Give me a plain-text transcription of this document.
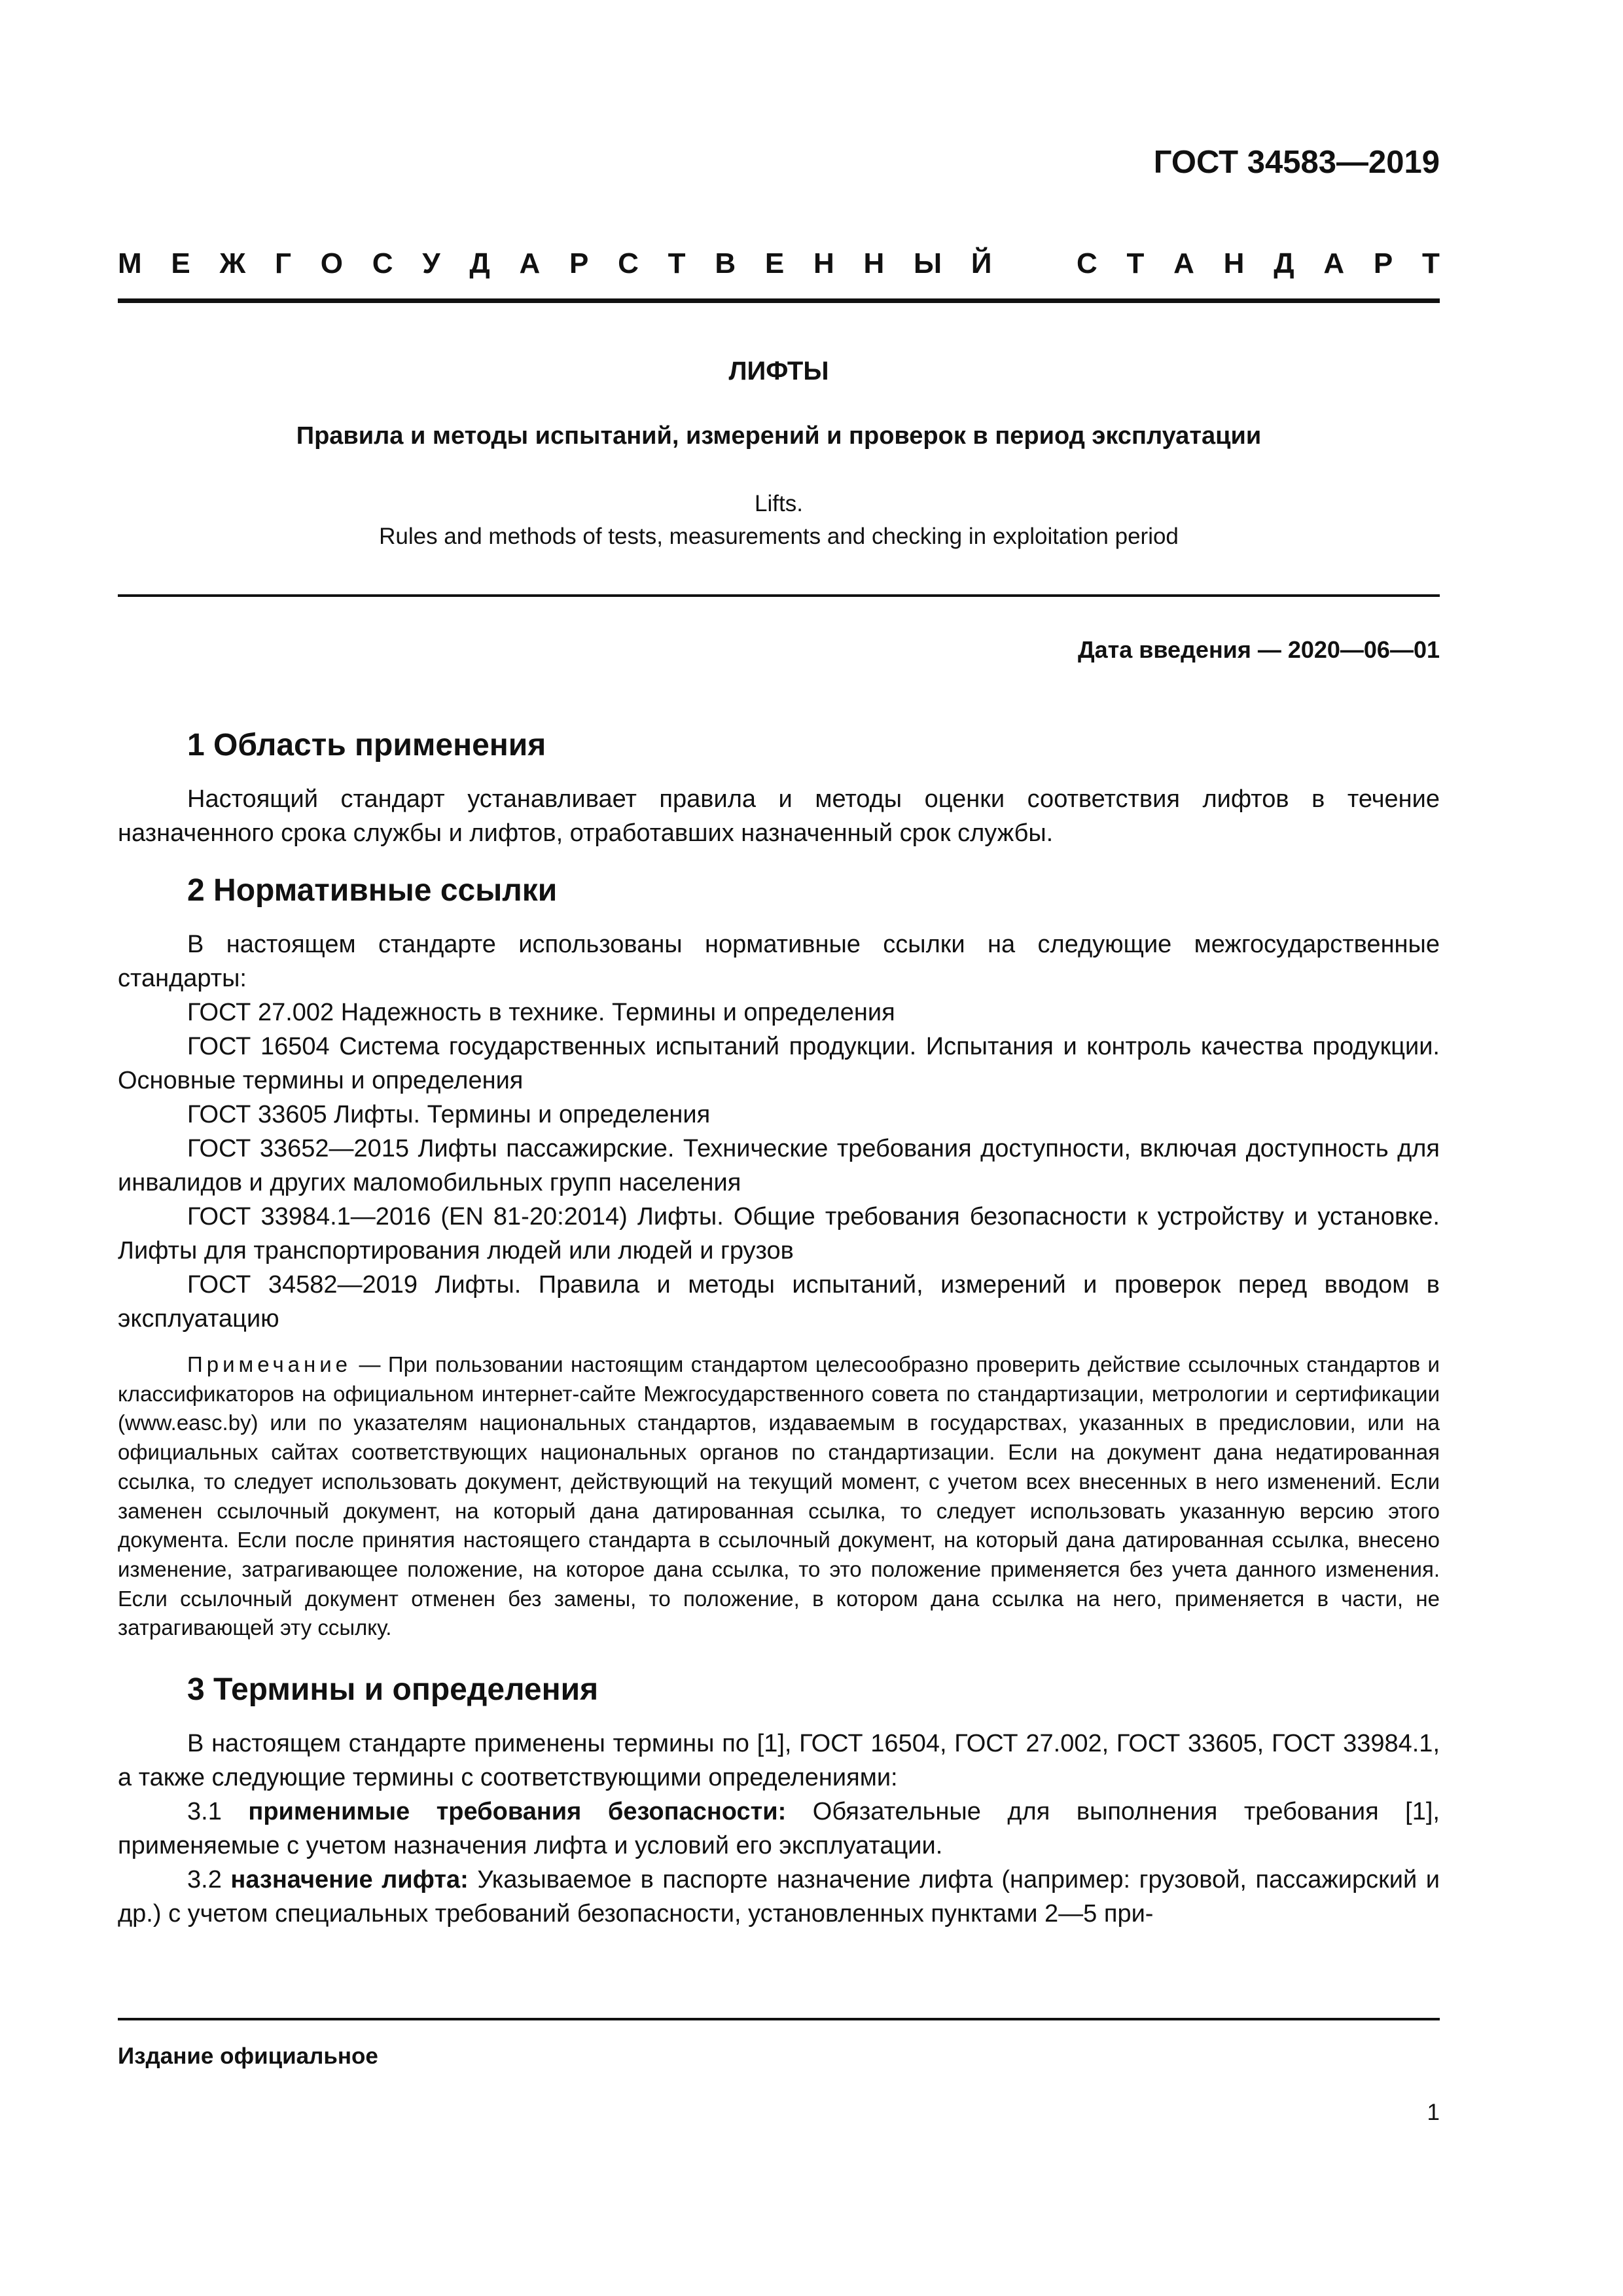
ГОСТ 34583—2019
М Е Ж Г О С У Д А Р С Т В Е Н Н Ы Й	С Т А Н Д А Р Т
ЛИФТЫ
Правила и методы испытаний, измерений и проверок в период эксплуатации
Lifts.
Rules and methods of tests, measurements and checking in exploitation period
Дата введения — 2020—06—01
1 Область применения

Настоящий стандарт устанавливает правила и методы оценки соответствия лифтов в течение назначенного срока службы и лифтов, отработавших назначенный срок службы.

2 Нормативные ссылки

В настоящем стандарте использованы нормативные ссылки на следующие межгосударственные стандарты:

ГОСТ 27.002 Надежность в технике. Термины и определения

ГОСТ 16504 Система государственных испытаний продукции. Испытания и контроль качества продукции. Основные термины и определения

ГОСТ 33605 Лифты. Термины и определения

ГОСТ 33652—2015 Лифты пассажирские. Технические требования доступности, включая доступность для инвалидов и других маломобильных групп населения

ГОСТ 33984.1—2016 (EN 81-20:2014) Лифты. Общие требования безопасности к устройству и установке. Лифты для транспортирования людей или людей и грузов

ГОСТ 34582—2019 Лифты. Правила и методы испытаний, измерений и проверок перед вводом в эксплуатацию

Примечание — При пользовании настоящим стандартом целесообразно проверить действие ссылочных стандартов и классификаторов на официальном интернет-сайте Межгосударственного совета по стандартизации, метрологии и сертификации (www.easc.by) или по указателям национальных стандартов, издаваемым в государствах, указанных в предисловии, или на официальных сайтах соответствующих национальных органов по стандартизации. Если на документ дана недатированная ссылка, то следует использовать документ, действующий на текущий момент, с учетом всех внесенных в него изменений. Если заменен ссылочный документ, на который дана датированная ссылка, то следует использовать указанную версию этого документа. Если после принятия настоящего стандарта в ссылочный документ, на который дана датированная ссылка, внесено изменение, затрагивающее положение, на которое дана ссылка, то это положение применяется без учета данного изменения. Если ссылочный документ отменен без замены, то положение, в котором дана ссылка на него, применяется в части, не затрагивающей эту ссылку.

3 Термины и определения

В настоящем стандарте применены термины по [1], ГОСТ 16504, ГОСТ 27.002, ГОСТ 33605, ГОСТ 33984.1, а также следующие термины с соответствующими определениями:

3.1 применимые требования безопасности: Обязательные для выполнения требования [1], применяемые с учетом назначения лифта и условий его эксплуатации.

3.2 назначение лифта: Указываемое в паспорте назначение лифта (например: грузовой, пассажирский и др.) с учетом специальных требований безопасности, установленных пунктами 2—5 при-

Издание официальное
1
